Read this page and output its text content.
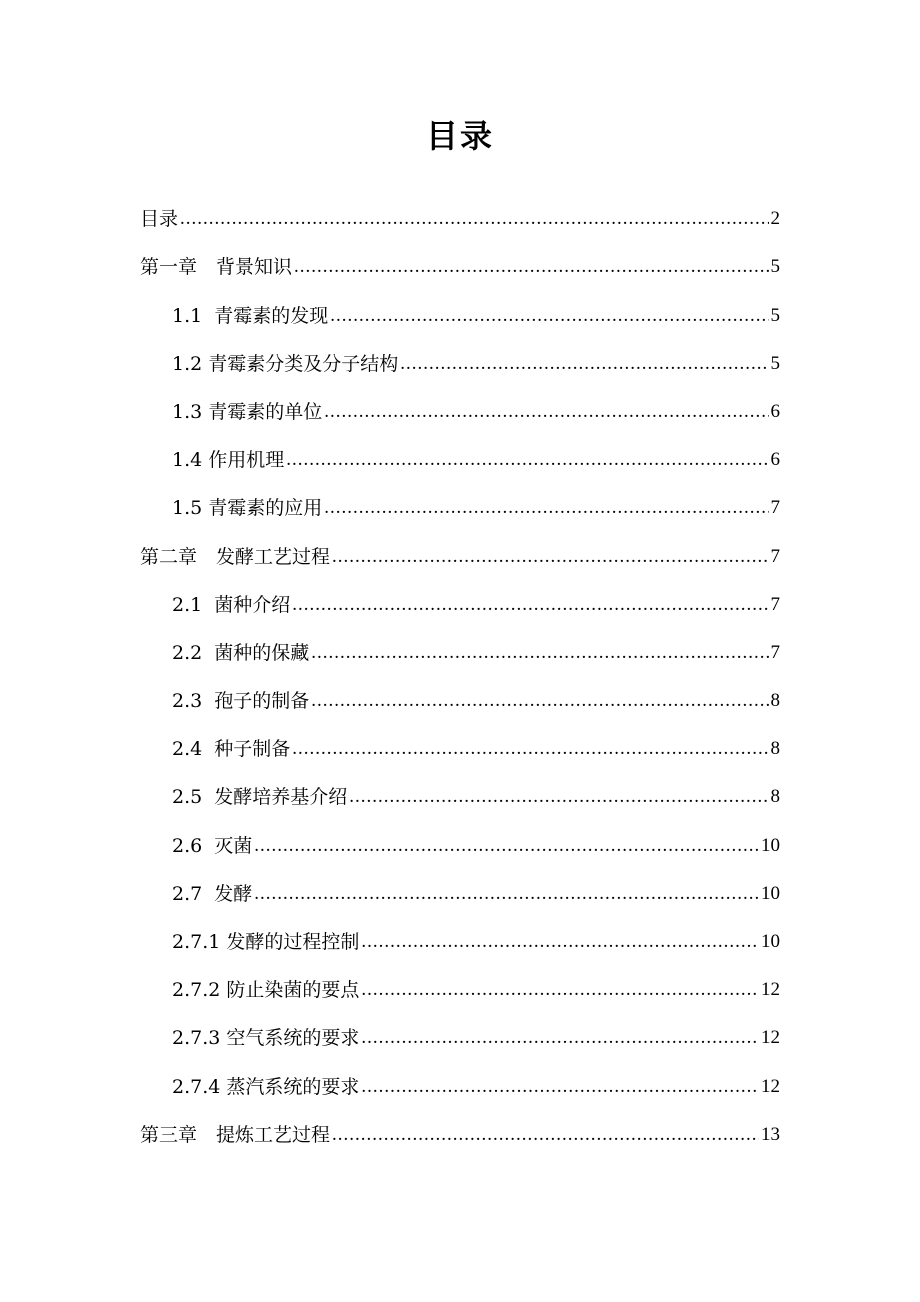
目录
目录 .....	2
第一章　背景知识 .....	5
1.1  青霉素的发现 .....	5
1.2 青霉素分类及分子结构 .....	5
1.3 青霉素的单位 .....	6
1.4 作用机理 .....	6
1.5 青霉素的应用 .....	7
第二章　发酵工艺过程 .....	7
2.1  菌种介绍 .....	7
2.2  菌种的保藏 .....	7
2.3  孢子的制备 .....	8
2.4  种子制备 .....	8
2.5  发酵培养基介绍 .....	8
2.6  灭菌 .....	10
2.7  发酵 .....	10
2.7.1 发酵的过程控制 .....	10
2.7.2 防止染菌的要点 .....	12
2.7.3 空气系统的要求 .....	12
2.7.4 蒸汽系统的要求 .....	12
第三章　提炼工艺过程 .....	13
